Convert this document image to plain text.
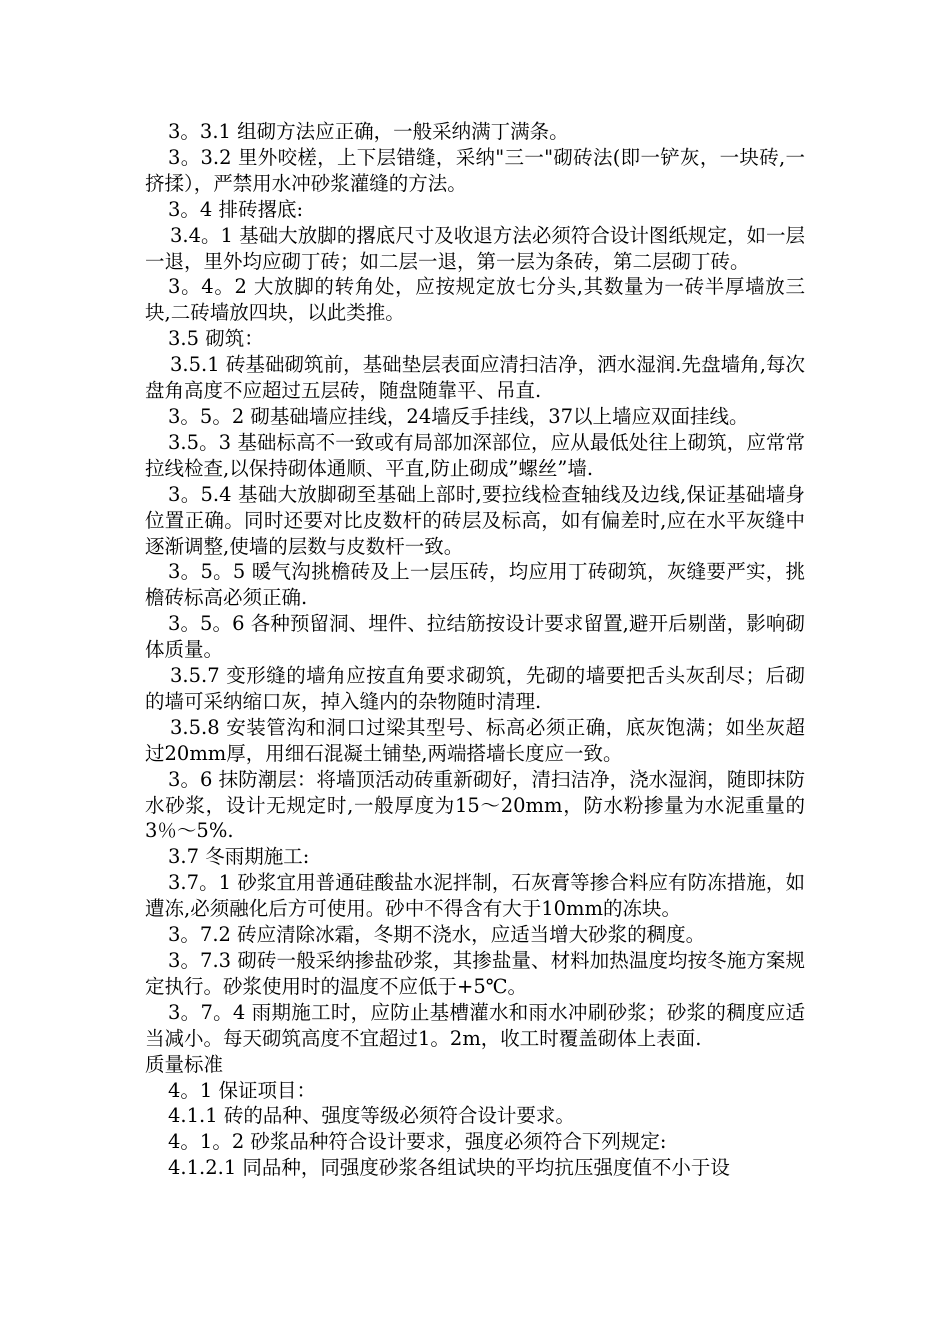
3。3.1 组砌方法应正确，一般采纳满丁满条。

3。3.2 里外咬槎，上下层错缝，采纳"三一"砌砖法(即一铲灰，一块砖,一挤揉），严禁用水冲砂浆灌缝的方法。

3。4 排砖撂底:

3.4。1 基础大放脚的撂底尺寸及收退方法必须符合设计图纸规定，如一层一退，里外均应砌丁砖；如二层一退，第一层为条砖，第二层砌丁砖。

3。4。2 大放脚的转角处，应按规定放七分头,其数量为一砖半厚墙放三块,二砖墙放四块，以此类推。

3.5 砌筑：

3.5.1 砖基础砌筑前，基础垫层表面应清扫洁净，洒水湿润.先盘墙角,每次盘角高度不应超过五层砖，随盘随靠平、吊直.

3。5。2 砌基础墙应挂线，24墙反手挂线，37以上墙应双面挂线。

3.5。3 基础标高不一致或有局部加深部位，应从最低处往上砌筑，应常常拉线检查,以保持砌体通顺、平直,防止砌成”螺丝”墙.

3。5.4 基础大放脚砌至基础上部时,要拉线检查轴线及边线,保证基础墙身位置正确。同时还要对比皮数杆的砖层及标高，如有偏差时,应在水平灰缝中逐渐调整,使墙的层数与皮数杆一致。

3。5。5 暖气沟挑檐砖及上一层压砖，均应用丁砖砌筑，灰缝要严实，挑檐砖标高必须正确.

3。5。6 各种预留洞、埋件、拉结筋按设计要求留置,避开后剔凿，影响砌体质量。

3.5.7 变形缝的墙角应按直角要求砌筑，先砌的墙要把舌头灰刮尽；后砌的墙可采纳缩口灰，掉入缝内的杂物随时清理.

3.5.8 安装管沟和洞口过梁其型号、标高必须正确，底灰饱满；如坐灰超过20mm厚，用细石混凝土铺垫,两端搭墙长度应一致。

3。6 抹防潮层：将墙顶活动砖重新砌好，清扫洁净，浇水湿润，随即抹防水砂浆，设计无规定时,一般厚度为15～20mm，防水粉掺量为水泥重量的3％～5%.

3.7 冬雨期施工:

3.7。1 砂浆宜用普通硅酸盐水泥拌制，石灰膏等掺合料应有防冻措施，如遭冻,必须融化后方可使用。砂中不得含有大于10mm的冻块。

3。7.2 砖应清除冰霜，冬期不浇水，应适当增大砂浆的稠度。

3。7.3 砌砖一般采纳掺盐砂浆，其掺盐量、材料加热温度均按冬施方案规定执行。砂浆使用时的温度不应低于+5℃。

3。7。4 雨期施工时，应防止基槽灌水和雨水冲刷砂浆；砂浆的稠度应适当减小。每天砌筑高度不宜超过1。2m，收工时覆盖砌体上表面.

质量标准

4。1 保证项目：

4.1.1 砖的品种、强度等级必须符合设计要求。

4。1。2 砂浆品种符合设计要求，强度必须符合下列规定:

4.1.2.1 同品种，同强度砂浆各组试块的平均抗压强度值不小于设
